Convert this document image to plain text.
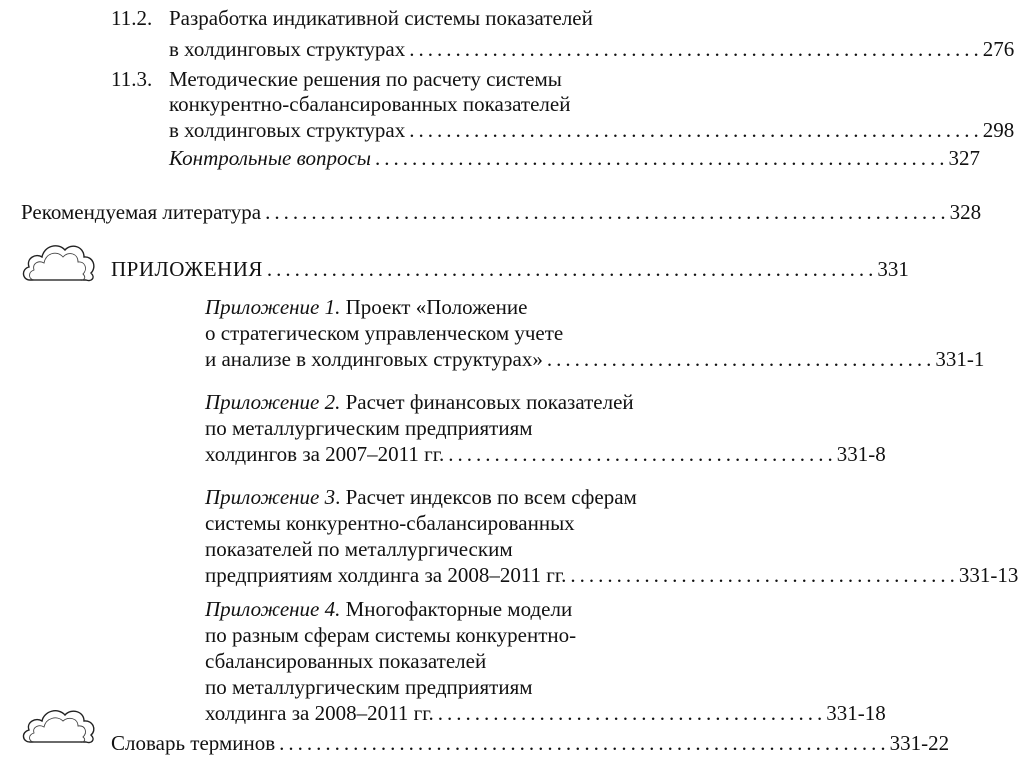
11.2. Разработка индикативной системы показателей
в холдинговых структурах .............................................................. 276
11.3. Методические решения по расчету системы
конкурентно-сбалансированных показателей
в холдинговых структурах .............................................................. 298
Контрольные вопросы .............................................................. 327
Рекомендуемая литература .......................................................................... 328
ПРИЛОЖЕНИЯ .................................................................. 331
Приложение 1. Проект «Положение
о стратегическом управленческом учете
и анализе в холдинговых структурах» .......................................... 331-1
Приложение 2. Расчет финансовых показателей
по металлургическим предприятиям
холдингов за 2007–2011 гг. .......................................... 331-8
Приложение 3. Расчет индексов по всем сферам
системы конкурентно-сбалансированных
показателей по металлургическим
предприятиям холдинга за 2008–2011 гг. .......................................... 331-13
Приложение 4. Многофакторные модели
по разным сферам системы конкурентно-
сбалансированных показателей
по металлургическим предприятиям
холдинга за 2008–2011 гг. .......................................... 331-18
Словарь терминов .................................................................. 331-22
